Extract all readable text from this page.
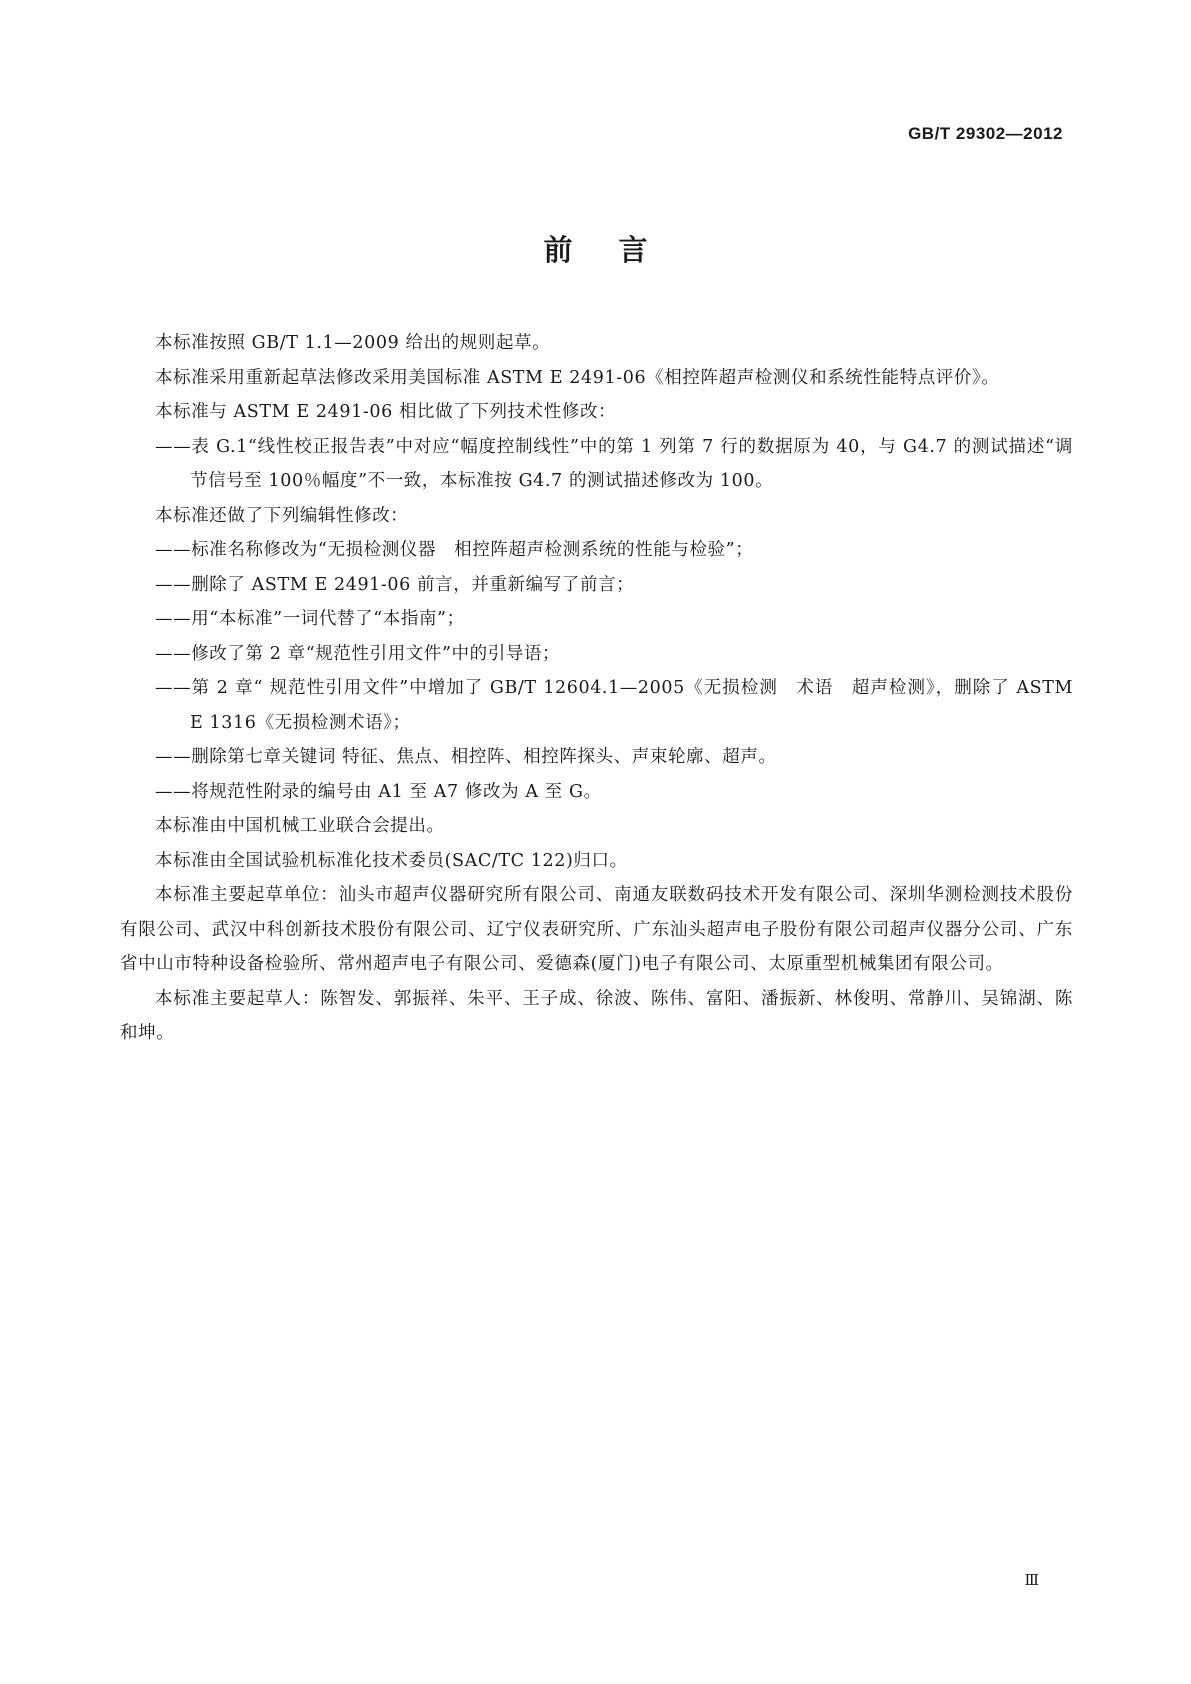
GB/T 29302—2012
前言

本标准按照 GB/T 1.1—2009 给出的规则起草。

本标准采用重新起草法修改采用美国标准 ASTM E 2491-06《相控阵超声检测仪和系统性能特点评价》。

本标准与 ASTM E 2491-06 相比做了下列技术性修改：

——表 G.1“线性校正报告表”中对应“幅度控制线性”中的第 1 列第 7 行的数据原为 40，与 G4.7 的测试描述“调节信号至 100％幅度”不一致，本标准按 G4.7 的测试描述修改为 100。

本标准还做了下列编辑性修改：

——标准名称修改为“无损检测仪器　相控阵超声检测系统的性能与检验”；

——删除了 ASTM E 2491-06 前言，并重新编写了前言；

——用“本标准”一词代替了“本指南”；

——修改了第 2 章“规范性引用文件”中的引导语；

——第 2 章“ 规范性引用文件”中增加了 GB/T 12604.1—2005《无损检测　术语　超声检测》，删除了 ASTM E 1316《无损检测术语》；

——删除第七章关键词 特征、焦点、相控阵、相控阵探头、声束轮廓、超声。

——将规范性附录的编号由 A1 至 A7 修改为 A 至 G。

本标准由中国机械工业联合会提出。

本标准由全国试验机标准化技术委员(SAC/TC 122)归口。

本标准主要起草单位：汕头市超声仪器研究所有限公司、南通友联数码技术开发有限公司、深圳华测检测技术股份有限公司、武汉中科创新技术股份有限公司、辽宁仪表研究所、广东汕头超声电子股份有限公司超声仪器分公司、广东省中山市特种设备检验所、常州超声电子有限公司、爱德森(厦门)电子有限公司、太原重型机械集团有限公司。

本标准主要起草人：陈智发、郭振祥、朱平、王子成、徐波、陈伟、富阳、潘振新、林俊明、常静川、吴锦湖、陈和坤。

Ⅲ
